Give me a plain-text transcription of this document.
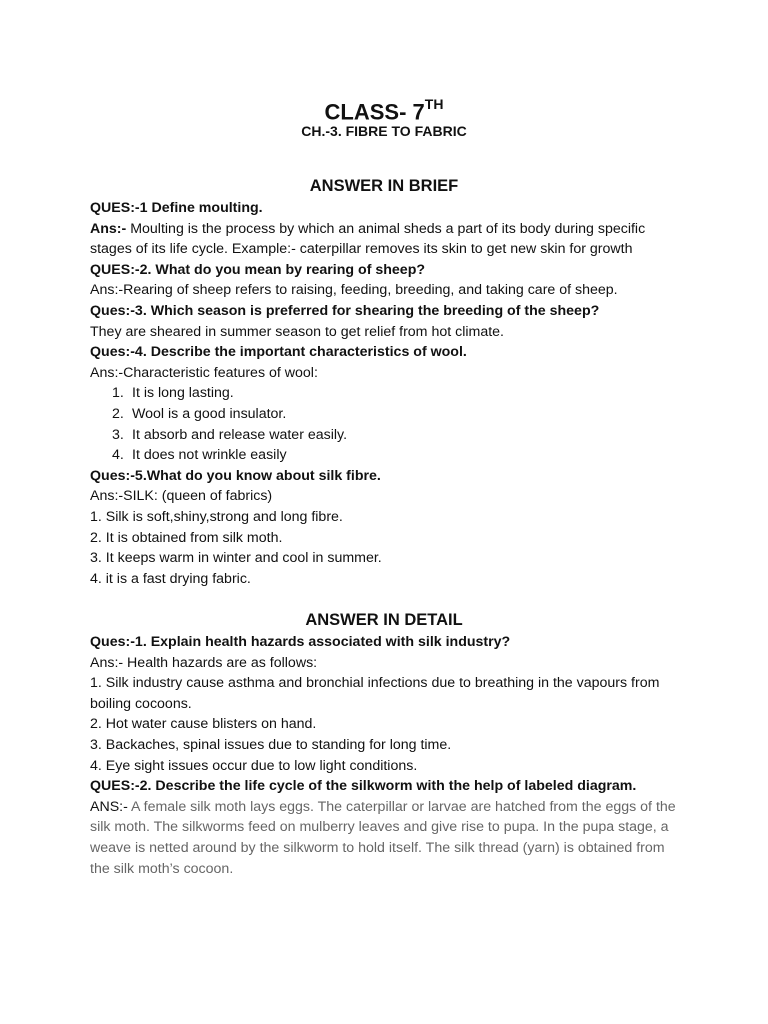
CLASS- 7TH
CH.-3. FIBRE TO FABRIC
ANSWER IN BRIEF

QUES:-1 Define moulting.

Ans:- Moulting is the process by which an animal sheds a part of its body during specific stages of its life cycle. Example:- caterpillar removes its skin to get new skin for growth

QUES:-2. What do you mean by rearing of sheep?

Ans:-Rearing of sheep refers to raising, feeding, breeding, and taking care of sheep.

Ques:-3. Which season is preferred for shearing the breeding of the sheep?

They are sheared in summer season to get relief from hot climate.

Ques:-4. Describe the important characteristics of wool.

Ans:-Characteristic features of wool:

1. It is long lasting.

2. Wool is a good insulator.

3. It absorb and release water easily.

4. It does not wrinkle easily

Ques:-5.What do you know about silk fibre.

Ans:-SILK: (queen of fabrics)

1. Silk is soft,shiny,strong and long fibre.

2. It is obtained from silk moth.

3. It keeps warm in winter and cool in summer.

4. it is a fast drying fabric.

ANSWER IN DETAIL

Ques:-1. Explain health hazards associated with silk industry?

Ans:- Health hazards are as follows:

1. Silk industry cause asthma and bronchial infections due to breathing in the vapours from boiling cocoons.

2. Hot water cause blisters on hand.

3. Backaches, spinal issues due to standing for long time.

4. Eye sight issues occur due to low light conditions.

QUES:-2. Describe the life cycle of the silkworm with the help of labeled diagram.

ANS:- A female silk moth lays eggs. The caterpillar or larvae are hatched from the eggs of the silk moth. The silkworms feed on mulberry leaves and give rise to pupa. In the pupa stage, a weave is netted around by the silkworm to hold itself. The silk thread (yarn) is obtained from the silk moth’s cocoon.
